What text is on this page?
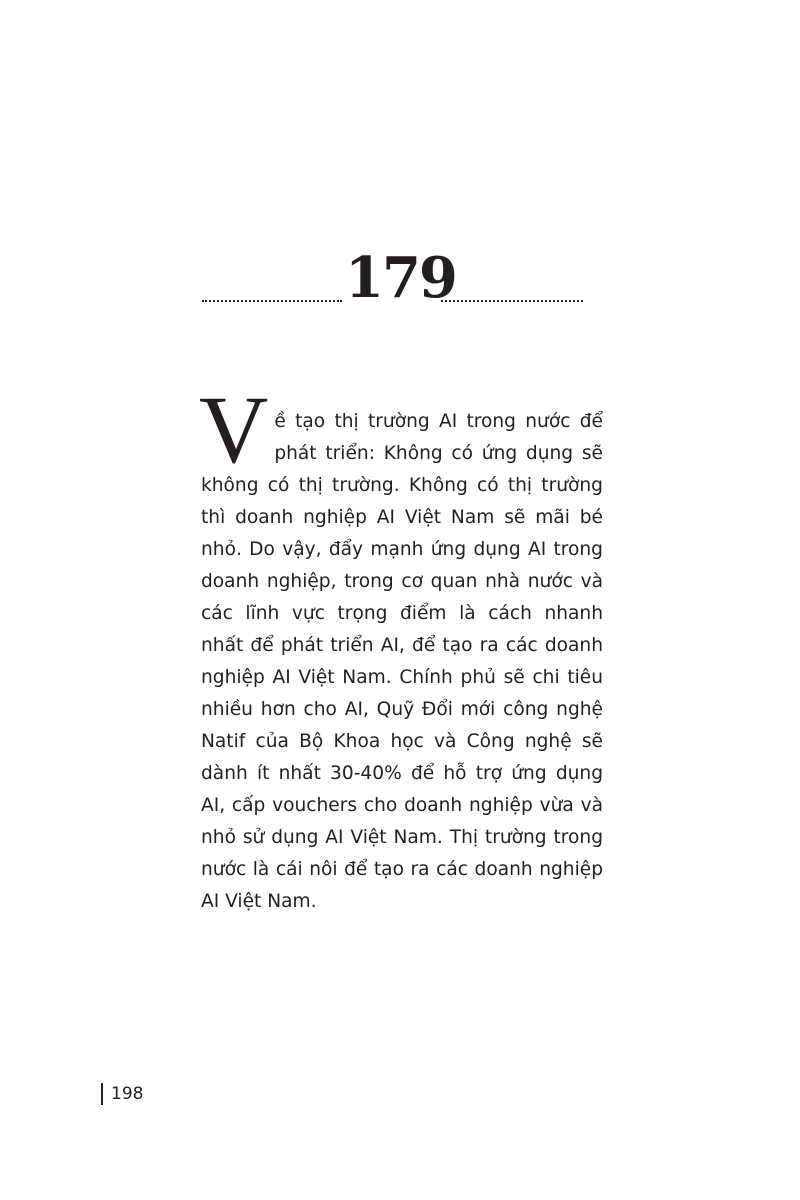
179
V ề tạo thị trường AI trong nước để phát triển: Không có ứng dụng sẽ không có thị trường. Không có thị trường thì doanh nghiệp AI Việt Nam sẽ mãi bé nhỏ. Do vậy, đẩy mạnh ứng dụng AI trong doanh nghiệp, trong cơ quan nhà nước và các lĩnh vực trọng điểm là cách nhanh nhất để phát triển AI, để tạo ra các doanh nghiệp AI Việt Nam. Chính phủ sẽ chi tiêu nhiều hơn cho AI, Quỹ Đổi mới công nghệ Natif của Bộ Khoa học và Công nghệ sẽ dành ít nhất 30-40% để hỗ trợ ứng dụng AI, cấp vouchers cho doanh nghiệp vừa và nhỏ sử dụng AI Việt Nam. Thị trường trong nước là cái nôi để tạo ra các doanh nghiệp AI Việt Nam.

198
